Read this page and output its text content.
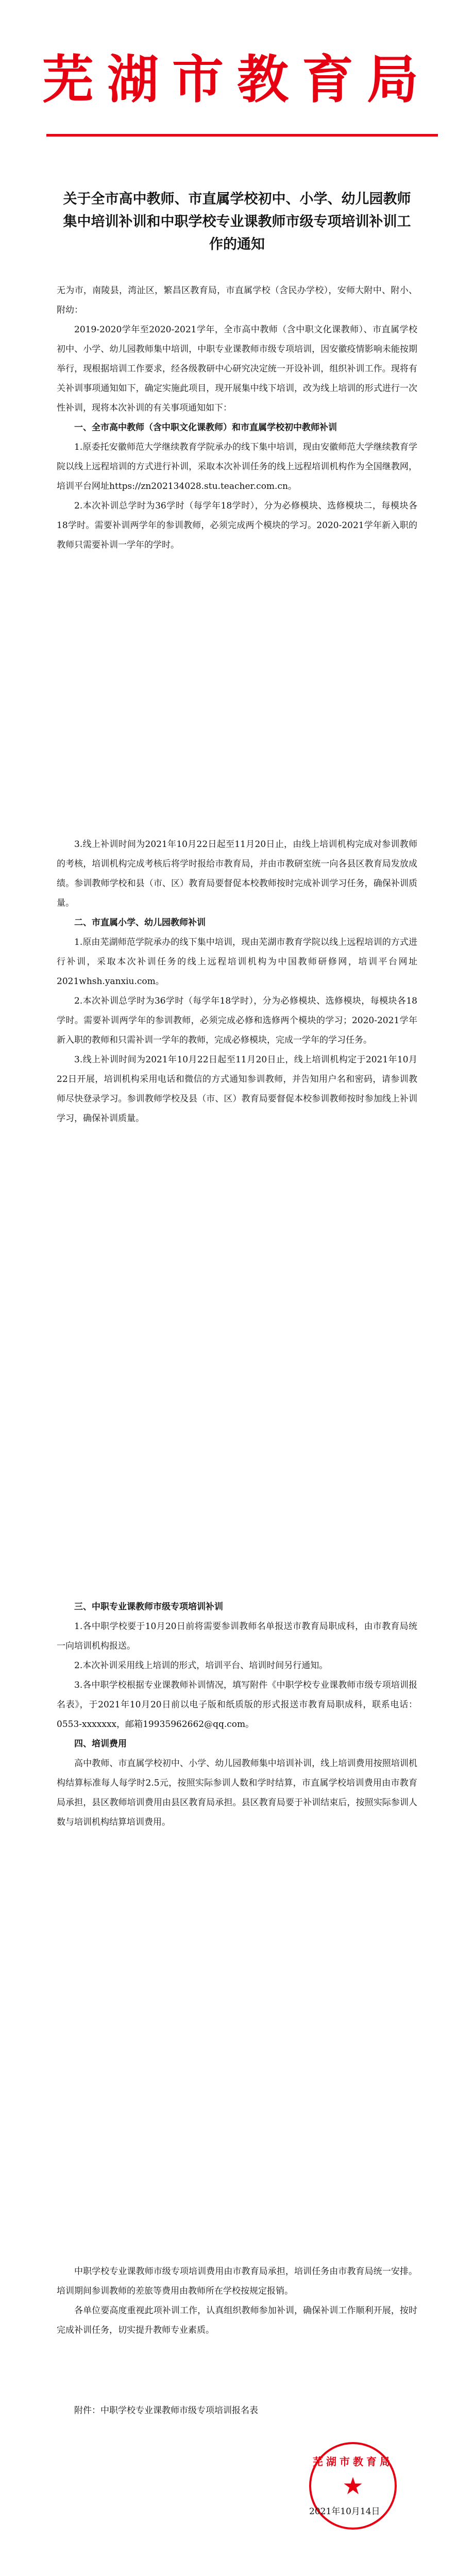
芜湖市教育局
关于全市高中教师、市直属学校初中、小学、幼儿园教师集中培训补训和中职学校专业课教师市级专项培训补训工作的通知

无为市，南陵县，湾沚区，繁昌区教育局，市直属学校（含民办学校），安师大附中、附小、附幼：

2019-2020学年至2020-2021学年，全市高中教师（含中职文化课教师）、市直属学校初中、小学、幼儿园教师集中培训，中职专业课教师市级专项培训，因安徽疫情影响未能按期举行，现根据培训工作要求，经各级教研中心研究决定统一开设补训，组织补训工作。现将有关补训事项通知如下，确定实施此项目，现开展集中线下培训，改为线上培训的形式进行一次性补训，现将本次补训的有关事项通知如下：

一、全市高中教师（含中职文化课教师）和市直属学校初中教师补训

1.原委托安徽师范大学继续教育学院承办的线下集中培训，现由安徽师范大学继续教育学院以线上远程培训的方式进行补训，采取本次补训任务的线上远程培训机构作为全国继教网，培训平台网址https://zn202134028.stu.teacher.com.cn。

2.本次补训总学时为36学时（每学年18学时），分为必修模块、选修模块二，每模块各18学时。需要补训两学年的参训教师，必须完成两个模块的学习。2020-2021学年新入职的教师只需要补训一学年的学时。

3.线上补训时间为2021年10月22日起至11月20日止，由线上培训机构完成对参训教师的考核，培训机构完成考核后将学时报给市教育局，并由市教研室统一向各县区教育局发放成绩。参训教师学校和县（市、区）教育局要督促本校教师按时完成补训学习任务，确保补训质量。

二、市直属小学、幼儿园教师补训

1.原由芜湖师范学院承办的线下集中培训，现由芜湖市教育学院以线上远程培训的方式进行补训，采取本次补训任务的线上远程培训机构为中国教师研修网，培训平台网址2021whsh.yanxiu.com。

2.本次补训总学时为36学时（每学年18学时），分为必修模块、选修模块，每模块各18学时。需要补训两学年的参训教师，必须完成必修和选修两个模块的学习；2020-2021学年新入职的教师和只需补训一学年的教师，完成必修模块，完成一学年的学习任务。

3.线上补训时间为2021年10月22日起至11月20日止，线上培训机构定于2021年10月22日开展，培训机构采用电话和微信的方式通知参训教师，并告知用户名和密码，请参训教师尽快登录学习。参训教师学校及县（市、区）教育局要督促本校参训教师按时参加线上补训学习，确保补训质量。

三、中职专业课教师市级专项培训补训

1.各中职学校要于10月20日前将需要参训教师名单报送市教育局职成科，由市教育局统一向培训机构报送。

2.本次补训采用线上培训的形式，培训平台、培训时间另行通知。

3.各中职学校根据专业课教师补训情况，填写附件《中职学校专业课教师市级专项培训报名表》，于2021年10月20日前以电子版和纸质版的形式报送市教育局职成科，联系电话：0553-xxxxxxx，邮箱19935962662@qq.com。

四、培训费用

高中教师、市直属学校初中、小学、幼儿园教师集中培训补训，线上培训费用按照培训机构结算标准每人每学时2.5元，按照实际参训人数和学时结算，市直属学校培训费用由市教育局承担，县区教师培训费用由县区教育局承担。县区教育局要于补训结束后，按照实际参训人数与培训机构结算培训费用。

中职学校专业课教师市级专项培训费用由市教育局承担，培训任务由市教育局统一安排。培训期间参训教师的差旅等费用由教师所在学校按规定报销。

各单位要高度重视此项补训工作，认真组织教师参加补训，确保补训工作顺利开展，按时完成补训任务，切实提升教师专业素质。

附件：中职学校专业课教师市级专项培训报名表

芜湖市教育局
★
2021年10月14日
